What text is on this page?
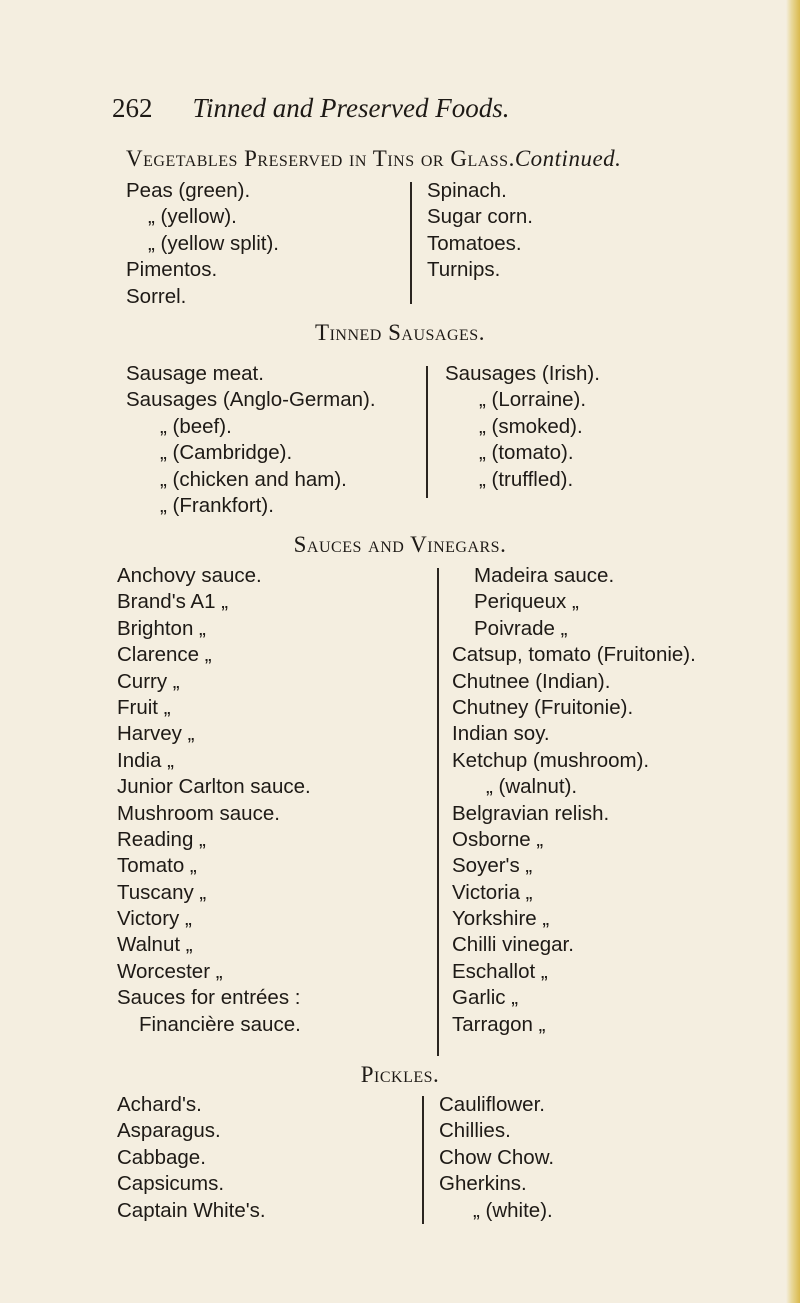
262 Tinned and Preserved Foods.
Vegetables Preserved in Tins or Glass.Continued.
Peas (green).
„ (yellow).
„ (yellow split).
Pimentos.
Sorrel.
Spinach.
Sugar corn.
Tomatoes.
Turnips.
Tinned Sausages.
Sausage meat.
Sausages (Anglo-German).
„ (beef).
„ (Cambridge).
„ (chicken and ham).
„ (Frankfort).
Sausages (Irish).
„ (Lorraine).
„ (smoked).
„ (tomato).
„ (truffled).
Sauces and Vinegars.
Anchovy sauce.
Brand's A1 „
Brighton „
Clarence „
Curry „
Fruit „
Harvey „
India „
Junior Carlton sauce.
Mushroom sauce.
Reading „
Tomato „
Tuscany „
Victory „
Walnut „
Worcester „
Sauces for entrées :
Financière sauce.
Madeira sauce.
Periqueux „
Poivrade „
Catsup, tomato (Fruitonie).
Chutnee (Indian).
Chutney (Fruitonie).
Indian soy.
Ketchup (mushroom).
„ (walnut).
Belgravian relish.
Osborne „
Soyer's „
Victoria „
Yorkshire „
Chilli vinegar.
Eschallot „
Garlic „
Tarragon „
Pickles.
Achard's.
Asparagus.
Cabbage.
Capsicums.
Captain White's.
Cauliflower.
Chillies.
Chow Chow.
Gherkins.
„ (white).
